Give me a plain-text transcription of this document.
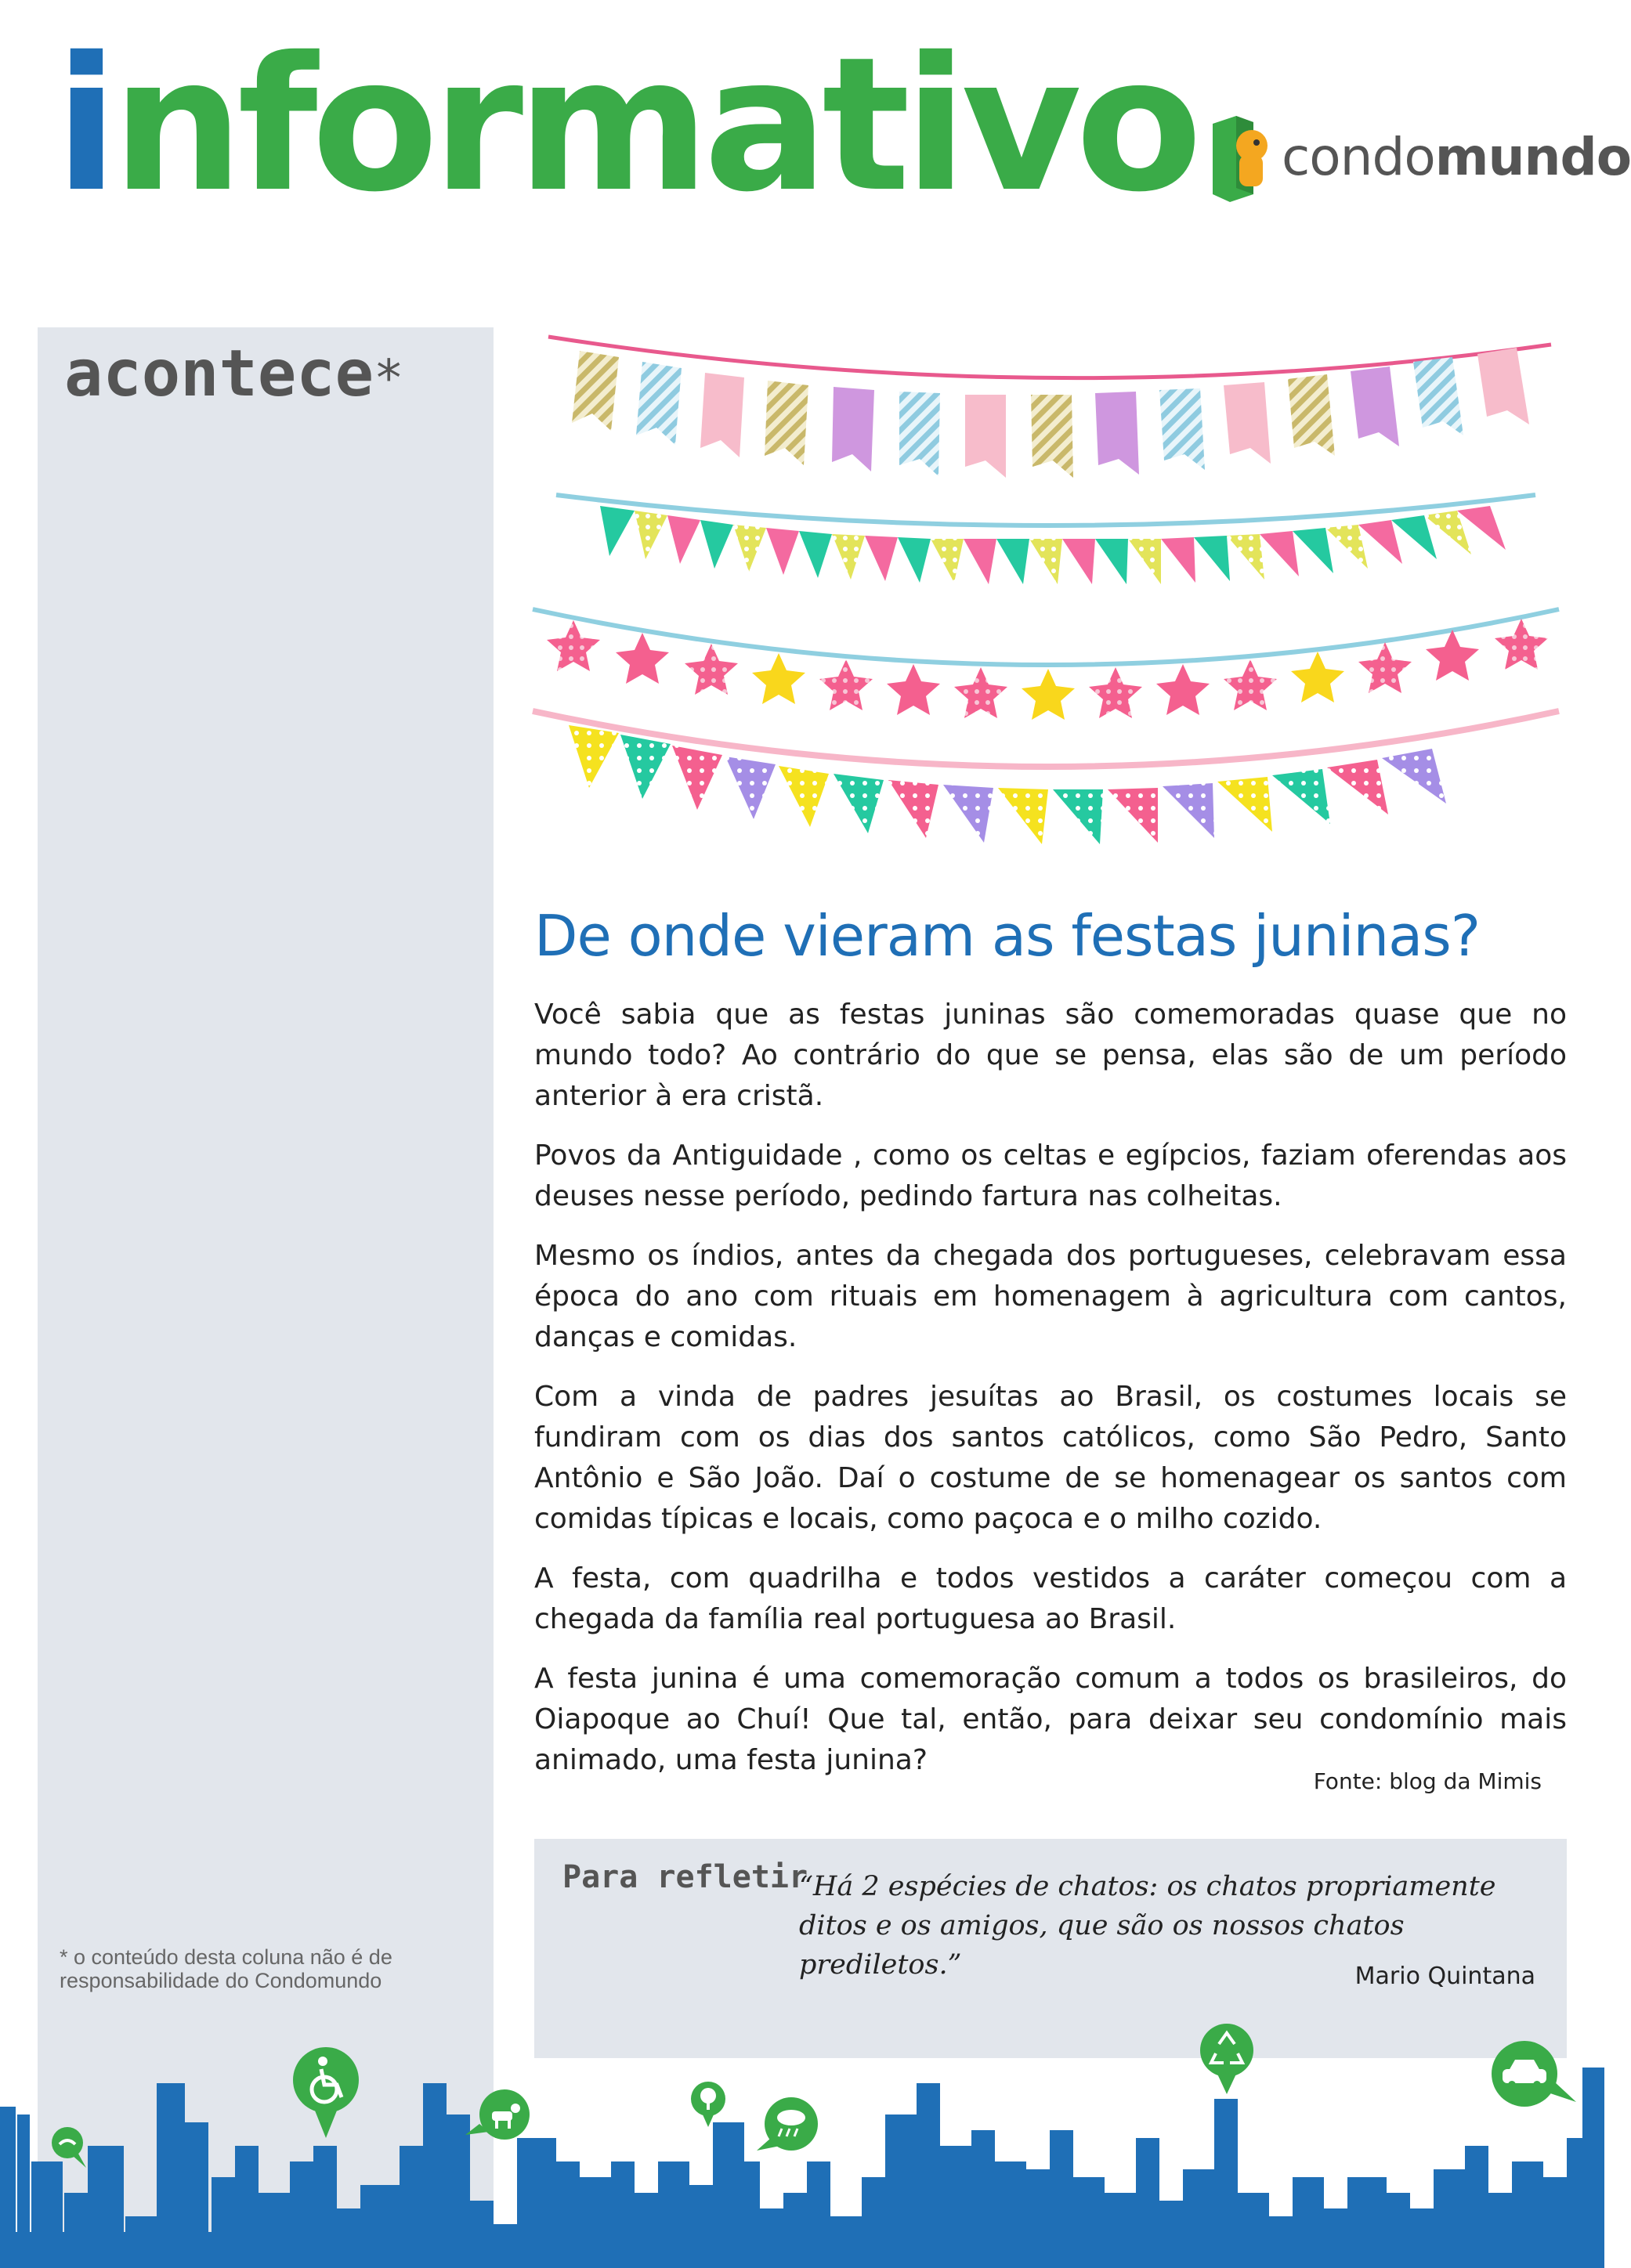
informativo condomundo
acontece*
* o conteúdo desta coluna não é de responsabilidade do Condomundo
De onde vieram as festas juninas?

Você sabia que as festas juninas são comemoradas quase que no mundo todo? Ao contrário do que se pensa, elas são de um período anterior à era cristã.

Povos da Antiguidade , como os celtas e egípcios, faziam oferendas aos deuses nesse período, pedindo fartura nas colheitas.

Mesmo os índios, antes da chegada dos portugueses, celebravam essa época do ano com rituais em homenagem à agricultura com cantos, danças e comidas.

Com a vinda de padres jesuítas ao Brasil, os costumes locais se fundiram com os dias dos santos católicos, como São Pedro, Santo Antônio e São João. Daí o costume de se homenagear os santos com comidas típicas e locais, como paçoca e o milho cozido.

A festa, com quadrilha e todos vestidos a caráter começou com a chegada da família real portuguesa ao Brasil.

A festa junina é uma comemoração comum a todos os brasileiros, do Oiapoque ao Chuí! Que tal, então, para deixar seu condomínio mais animado, uma festa junina?

Fonte: blog da Mimis
Para refletir
“Há 2 espécies de chatos: os chatos propriamente ditos e os amigos, que são os nossos chatos prediletos.”	Mario Quintana
